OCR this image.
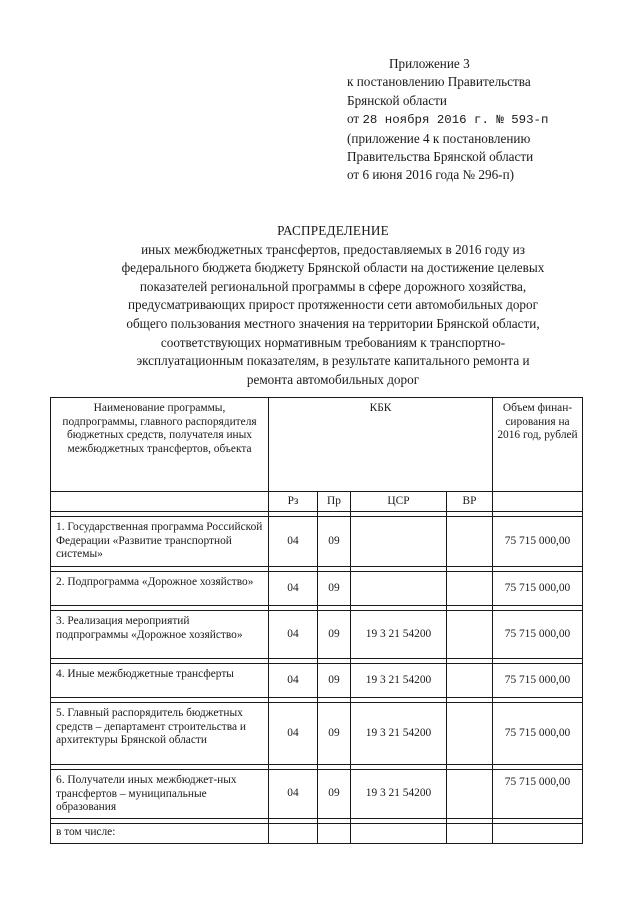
Приложение 3
к постановлению Правительства
Брянской области
от 28 ноября 2016 г. № 593-п
(приложение 4 к постановлению
Правительства Брянской области
от 6 июня 2016 года № 296-п)
РАСПРЕДЕЛЕНИЕ
иных межбюджетных трансфертов, предоставляемых в 2016 году из
федерального бюджета бюджету Брянской области на достижение целевых
показателей региональной программы в сфере дорожного хозяйства,
предусматривающих прирост протяженности сети автомобильных дорог
общего пользования местного значения на территории Брянской области,
соответствующих нормативным требованиям к транспортно-
эксплуатационным показателям, в результате капитального ремонта и
ремонта автомобильных дорог
Наименование программы, подпрограммы, главного распорядителя бюджетных средств, получателя иных межбюджетных трансфертов, объекта	КБК				Объем финан-сирования на 2016 год, рублей
	Рз	Пр	ЦСР	ВР	

1. Государственная программа Российской Федерации «Развитие транспортной системы»	04	09			75 715 000,00

2. Подпрограмма «Дорожное хозяйство»	04	09			75 715 000,00

3. Реализация мероприятий подпрограммы «Дорожное хозяйство»	04	09	19 3 21 54200		75 715 000,00

4. Иные межбюджетные трансферты	04	09	19 3 21 54200		75 715 000,00

5. Главный распорядитель бюджетных средств – департамент строительства и архитектуры Брянской области	04	09	19 3 21 54200		75 715 000,00

6. Получатели иных межбюджет-ных трансфертов – муниципальные образования	04	09	19 3 21 54200		75 715 000,00

в том числе:					
